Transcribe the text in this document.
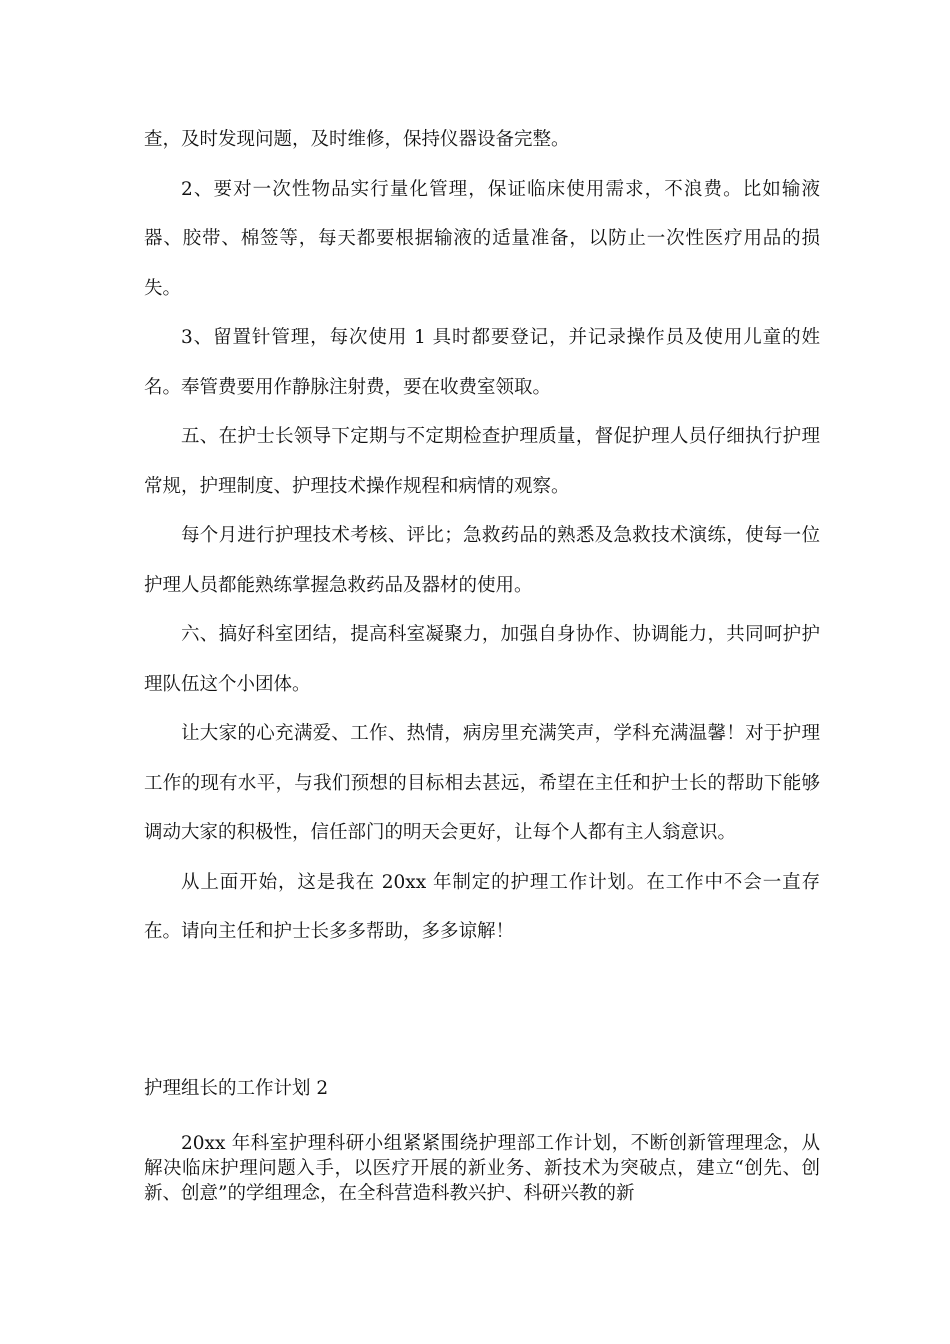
查，及时发现问题，及时维修，保持仪器设备完整。

2、要对一次性物品实行量化管理，保证临床使用需求，不浪费。比如输液器、胶带、棉签等，每天都要根据输液的适量准备，以防止一次性医疗用品的损失。

3、留置针管理，每次使用 1 具时都要登记，并记录操作员及使用儿童的姓名。奉管费要用作静脉注射费，要在收费室领取。

五、在护士长领导下定期与不定期检查护理质量，督促护理人员仔细执行护理常规，护理制度、护理技术操作规程和病情的观察。

每个月进行护理技术考核、评比；急救药品的熟悉及急救技术演练，使每一位护理人员都能熟练掌握急救药品及器材的使用。

六、搞好科室团结，提高科室凝聚力，加强自身协作、协调能力，共同呵护护理队伍这个小团体。

让大家的心充满爱、工作、热情，病房里充满笑声，学科充满温馨！对于护理工作的现有水平，与我们预想的目标相去甚远，希望在主任和护士长的帮助下能够调动大家的积极性，信任部门的明天会更好，让每个人都有主人翁意识。

从上面开始，这是我在 20xx 年制定的护理工作计划。在工作中不会一直存在。请向主任和护士长多多帮助，多多谅解！

护理组长的工作计划 2

20xx 年科室护理科研小组紧紧围绕护理部工作计划，不断创新管理理念，从解决临床护理问题入手，以医疗开展的新业务、新技术为突破点，建立“创先、创新、创意”的学组理念，在全科营造科教兴护、科研兴教的新
